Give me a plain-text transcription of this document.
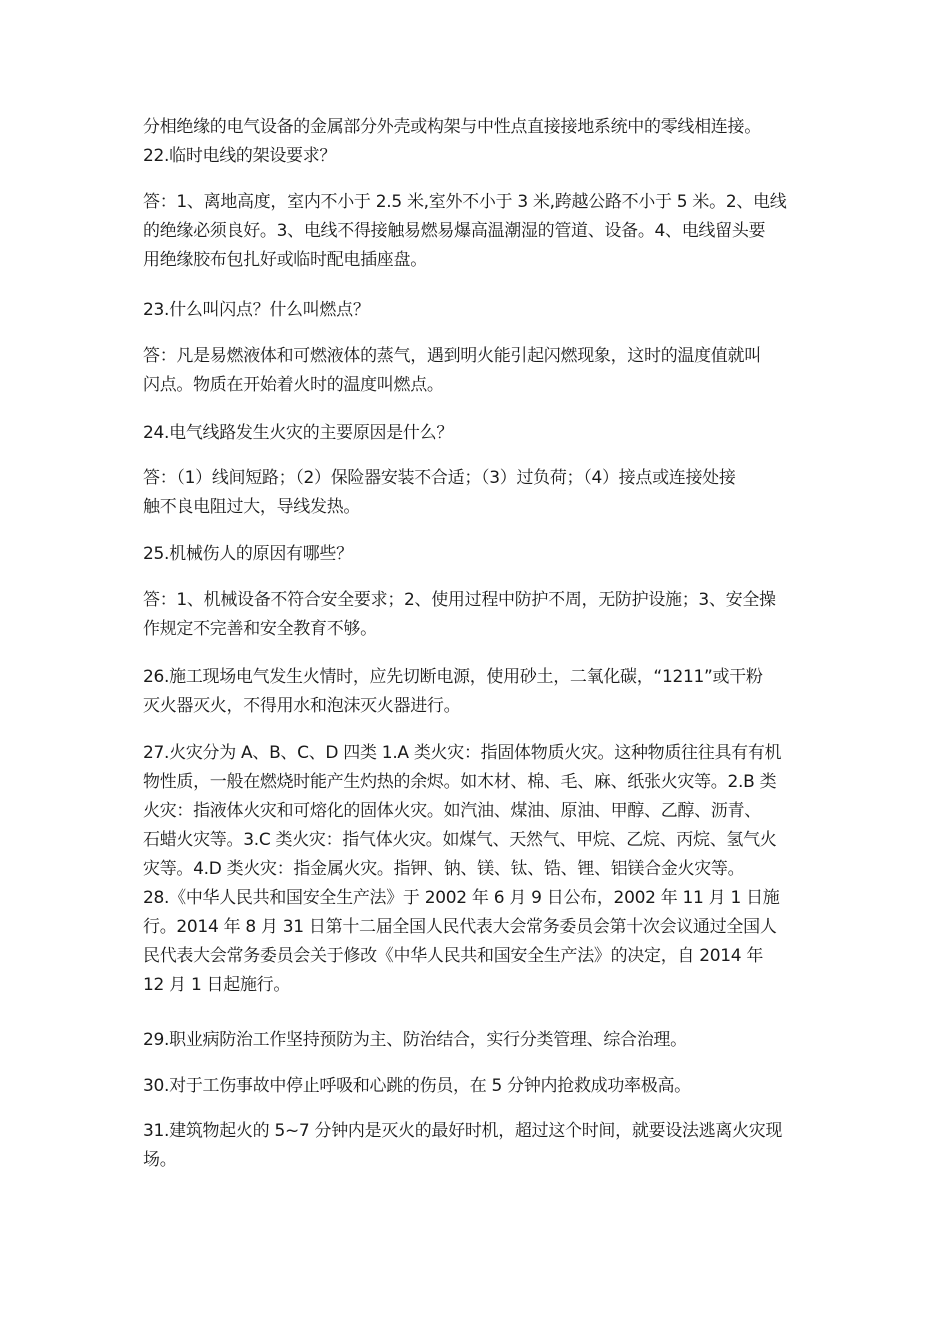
分相绝缘的电气设备的金属部分外壳或构架与中性点直接接地系统中的零线相连接。
22.临时电线的架设要求？
答：1、离地高度，室内不小于 2.5 米,室外不小于 3 米,跨越公路不小于 5 米。2、电线
的绝缘必须良好。3、电线不得接触易燃易爆高温潮湿的管道、设备。4、电线留头要
用绝缘胶布包扎好或临时配电插座盘。
23.什么叫闪点？什么叫燃点？
答：凡是易燃液体和可燃液体的蒸气，遇到明火能引起闪燃现象，这时的温度值就叫
闪点。物质在开始着火时的温度叫燃点。
24.电气线路发生火灾的主要原因是什么？
答：（1）线间短路；（2）保险器安装不合适；（3）过负荷；（4）接点或连接处接
触不良电阻过大，导线发热。
25.机械伤人的原因有哪些？
答：1、机械设备不符合安全要求；2、使用过程中防护不周，无防护设施；3、安全操
作规定不完善和安全教育不够。
26.施工现场电气发生火情时，应先切断电源，使用砂土，二氧化碳，“1211”或干粉
灭火器灭火，不得用水和泡沫灭火器进行。
27.火灾分为 A、B、C、D 四类 1.A 类火灾：指固体物质火灾。这种物质往往具有有机
物性质，一般在燃烧时能产生灼热的余烬。如木材、棉、毛、麻、纸张火灾等。2.B 类
火灾：指液体火灾和可熔化的固体火灾。如汽油、煤油、原油、甲醇、乙醇、沥青、
石蜡火灾等。3.C 类火灾：指气体火灾。如煤气、天然气、甲烷、乙烷、丙烷、氢气火
灾等。4.D 类火灾：指金属火灾。指钾、钠、镁、钛、锆、锂、铝镁合金火灾等。
28.《中华人民共和国安全生产法》于 2002 年 6 月 9 日公布，2002 年 11 月 1 日施
行。2014 年 8 月 31 日第十二届全国人民代表大会常务委员会第十次会议通过全国人
民代表大会常务委员会关于修改《中华人民共和国安全生产法》的决定，自 2014 年
12 月 1 日起施行。
29.职业病防治工作坚持预防为主、防治结合，实行分类管理、综合治理。
30.对于工伤事故中停止呼吸和心跳的伤员，在 5 分钟内抢救成功率极高。
31.建筑物起火的 5~7 分钟内是灭火的最好时机，超过这个时间，就要设法逃离火灾现
场。
